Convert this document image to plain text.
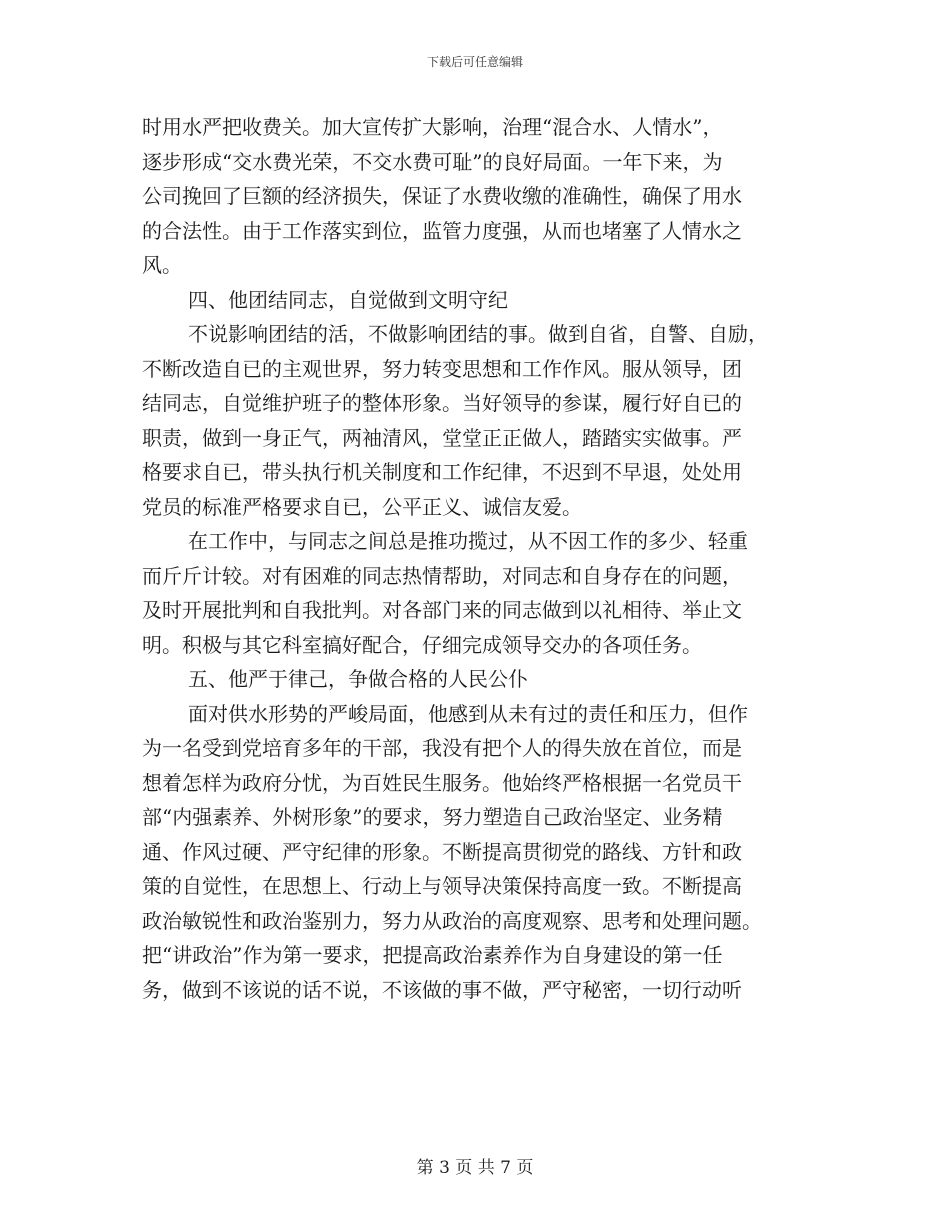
下载后可任意编辑
时用水严把收费关。加大宣传扩大影响，治理“混合水、人情水”，
逐步形成“交水费光荣，不交水费可耻”的良好局面。一年下来，为
公司挽回了巨额的经济损失，保证了水费收缴的准确性，确保了用水
的合法性。由于工作落实到位，监管力度强，从而也堵塞了人情水之
风。
四、他团结同志，自觉做到文明守纪
不说影响团结的活，不做影响团结的事。做到自省，自警、自励，
不断改造自已的主观世界，努力转变思想和工作作风。服从领导，团
结同志，自觉维护班子的整体形象。当好领导的参谋，履行好自已的
职责，做到一身正气，两袖清风，堂堂正正做人，踏踏实实做事。严
格要求自已，带头执行机关制度和工作纪律，不迟到不早退，处处用
党员的标准严格要求自已，公平正义、诚信友爱。
在工作中，与同志之间总是推功揽过，从不因工作的多少、轻重
而斤斤计较。对有困难的同志热情帮助，对同志和自身存在的问题，
及时开展批判和自我批判。对各部门来的同志做到以礼相待、举止文
明。积极与其它科室搞好配合，仔细完成领导交办的各项任务。
五、他严于律己，争做合格的人民公仆
面对供水形势的严峻局面，他感到从未有过的责任和压力，但作
为一名受到党培育多年的干部，我没有把个人的得失放在首位，而是
想着怎样为政府分忧，为百姓民生服务。他始终严格根据一名党员干
部“内强素养、外树形象”的要求，努力塑造自己政治坚定、业务精
通、作风过硬、严守纪律的形象。不断提高贯彻党的路线、方针和政
策的自觉性，在思想上、行动上与领导决策保持高度一致。不断提高
政治敏锐性和政治鉴别力，努力从政治的高度观察、思考和处理问题。
把“讲政治”作为第一要求，把提高政治素养作为自身建设的第一任
务，做到不该说的话不说，不该做的事不做，严守秘密，一切行动听
第 3 页 共 7 页
